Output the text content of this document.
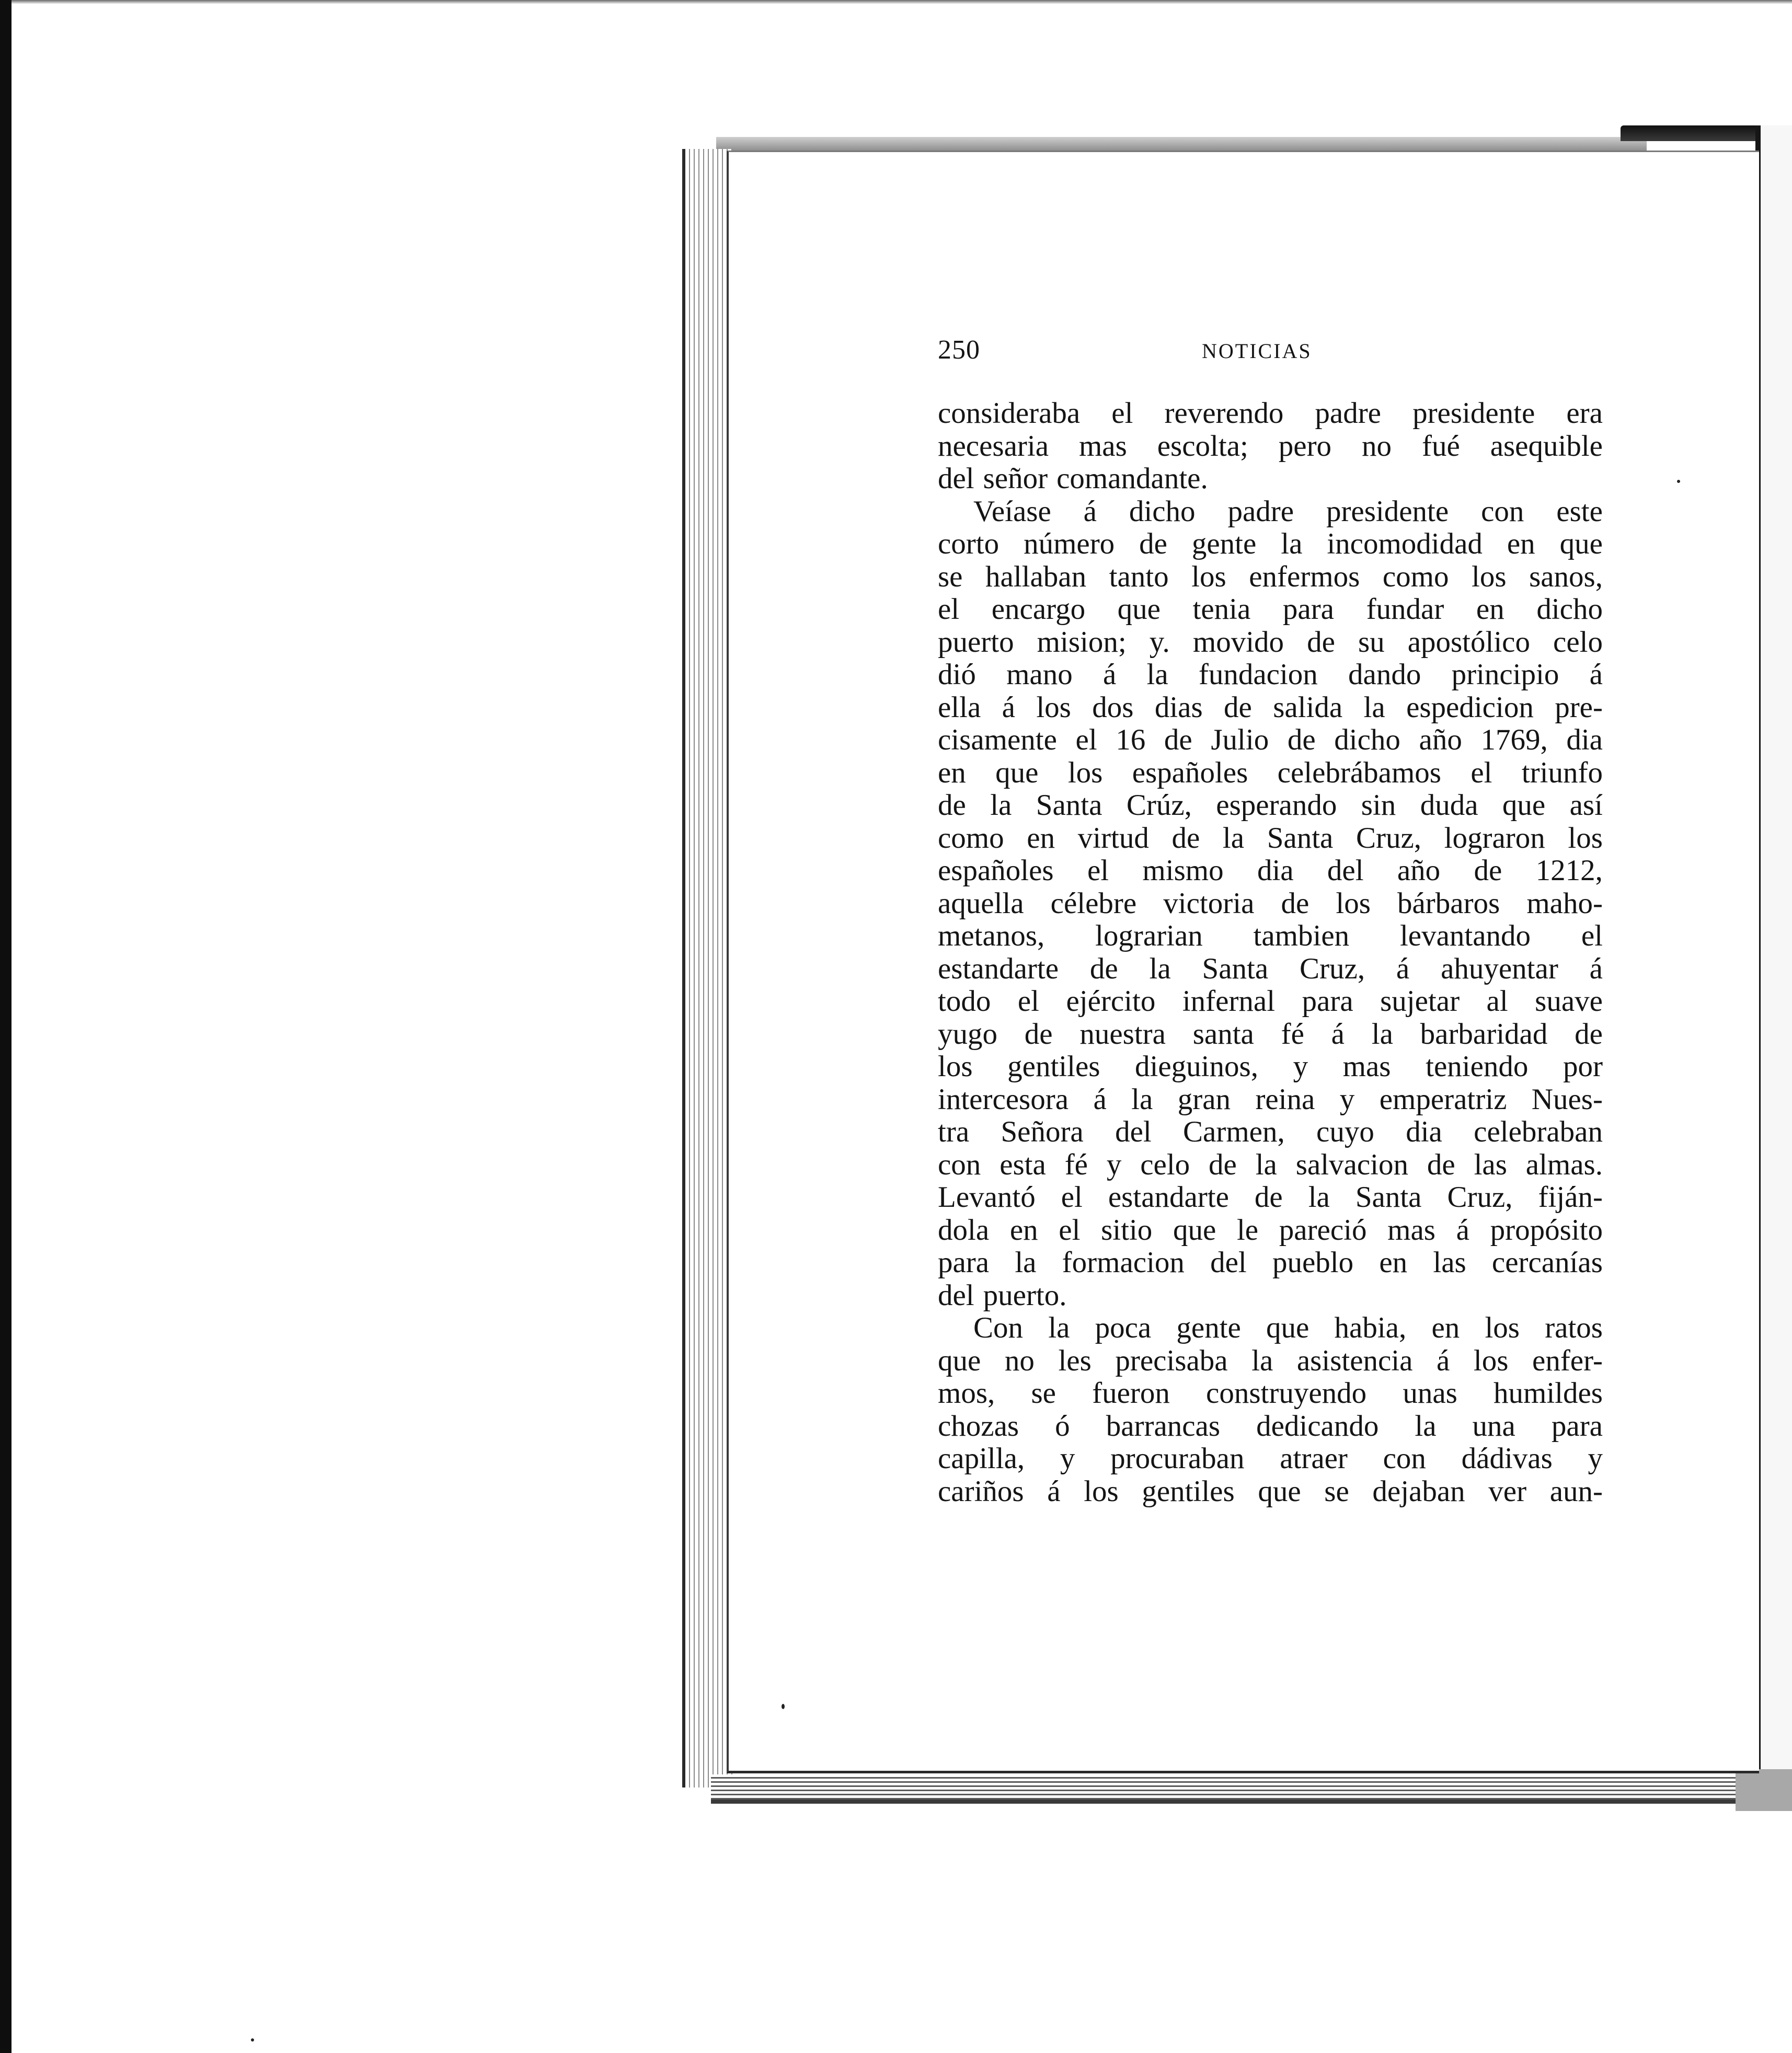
250	NOTICIAS
consideraba el reverendo padre presidente era
necesaria mas escolta; pero no fué asequible
del señor comandante.
Veíase á dicho padre presidente con este
corto número de gente la incomodidad en que
se hallaban tanto los enfermos como los sanos,
el encargo que tenia para fundar en dicho
puerto mision; y. movido de su apostólico celo
dió mano á la fundacion dando principio á
ella á los dos dias de salida la espedicion pre-
cisamente el 16 de Julio de dicho año 1769, dia
en que los españoles celebrábamos el triunfo
de la Santa Crúz, esperando sin duda que así
como en virtud de la Santa Cruz, lograron los
españoles el mismo dia del año de 1212,
aquella célebre victoria de los bárbaros maho-
metanos, lograrian tambien levantando el
estandarte de la Santa Cruz, á ahuyentar á
todo el ejército infernal para sujetar al suave
yugo de nuestra santa fé á la barbaridad de
los gentiles dieguinos, y mas teniendo por
intercesora á la gran reina y emperatriz Nues-
tra Señora del Carmen, cuyo dia celebraban
con esta fé y celo de la salvacion de las almas.
Levantó el estandarte de la Santa Cruz, fiján-
dola en el sitio que le pareció mas á propósito
para la formacion del pueblo en las cercanías
del puerto.
Con la poca gente que habia, en los ratos
que no les precisaba la asistencia á los enfer-
mos, se fueron construyendo unas humildes
chozas ó barrancas dedicando la una para
capilla, y procuraban atraer con dádivas y
cariños á los gentiles que se dejaban ver aun-
